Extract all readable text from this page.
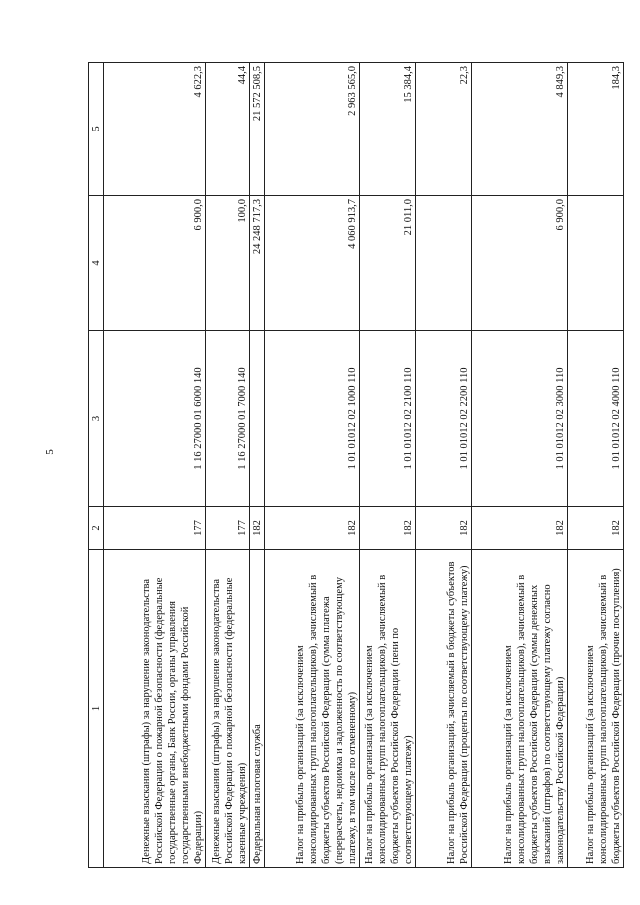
5
1	2	3	4	5
Денежные взыскания (штрафы) за нарушение законодательства Российской Федерации о пожарной безопасности (федеральные государственные органы, Банк России, органы управления государственными внебюджетными фондами Российской Федерации)	177	1 16 27000 01 6000 140	6 900,0	4 622,3
Денежные взыскания (штрафы) за нарушение законодательства Российской Федерации о пожарной безопасности (федеральные казенные учреждения)	177	1 16 27000 01 7000 140	100,0	44,4
Федеральная налоговая служба	182		24 248 717,3	21 572 508,5
Налог на прибыль организаций (за исключением консолидированных групп налогоплательщиков), зачисляемый в бюджеты субъектов Российской Федерации (сумма платежа (перерасчеты, недоимка и задолженность по соответствующему платежу, в том числе по отмененному)	182	1 01 01012 02 1000 110	4 060 913,7	2 963 565,0
Налог на прибыль организаций (за исключением консолидированных групп налогоплательщиков), зачисляемый в бюджеты субъектов Российской Федерации (пени по соответствующему платежу)	182	1 01 01012 02 2100 110	21 011,0	15 384,4
Налог на прибыль организаций, зачисляемый в бюджеты субъектов Российской Федерации (проценты по соответствующему платежу)	182	1 01 01012 02 2200 110		22,3
Налог на прибыль организаций (за исключением консолидированных групп налогоплательщиков), зачисляемый в бюджеты субъектов Российской Федерации (суммы денежных взысканий (штрафов) по соответствующему платежу согласно законодательству Российской Федерации)	182	1 01 01012 02 3000 110	6 900,0	4 849,3
Налог на прибыль организаций (за исключением консолидированных групп налогоплательщиков), зачисляемый в бюджеты субъектов Российской Федерации (прочие поступления)	182	1 01 01012 02 4000 110		184,3
